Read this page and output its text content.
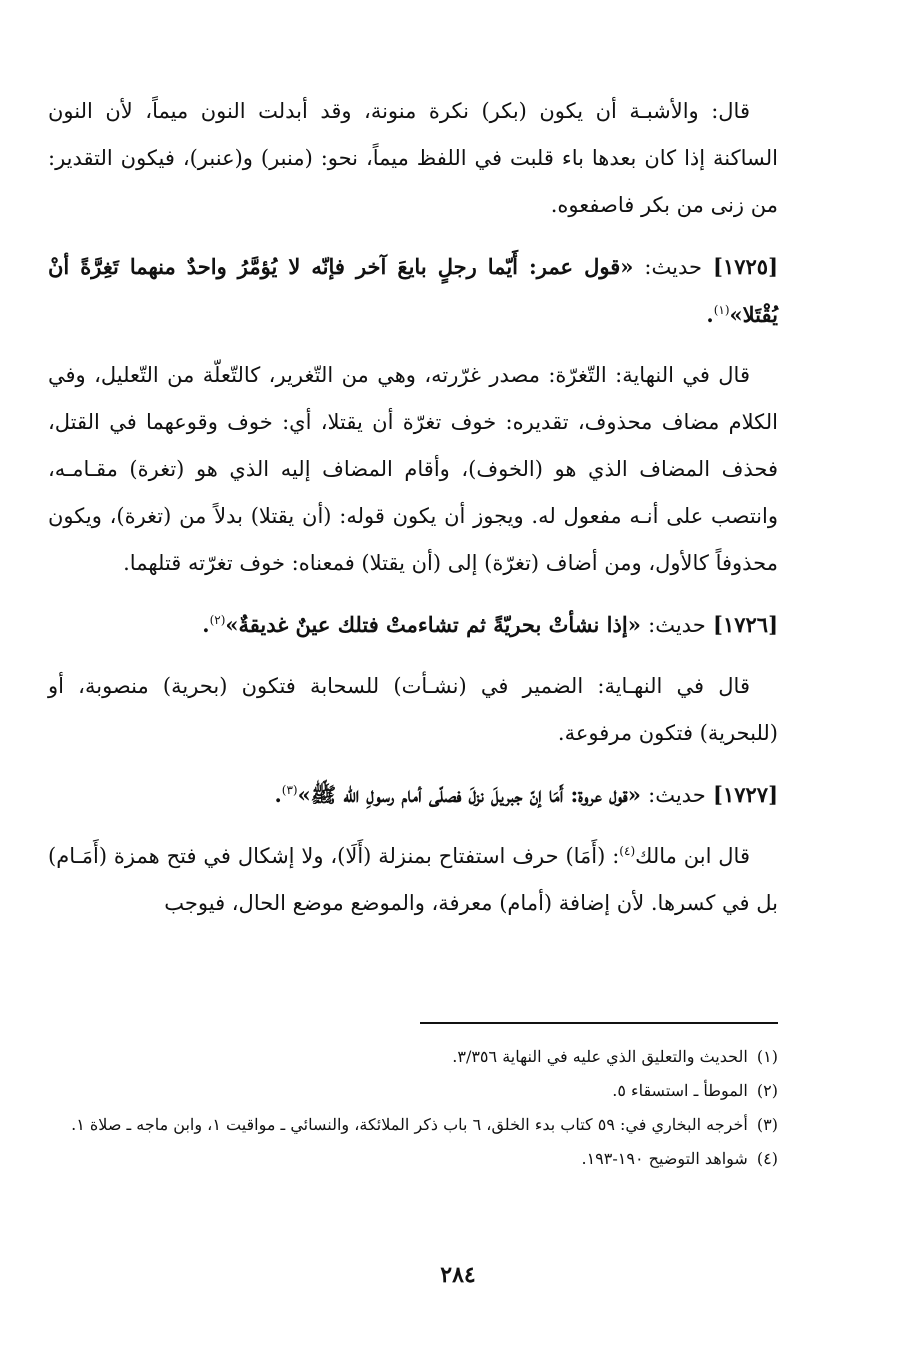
قال: والأشبـة أن يكون (بكر) نكرة منونة، وقد أبدلت النون ميماً، لأن النون الساكنة إذا كان بعدها باء قلبت في اللفظ ميماً، نحو: (منبر) و(عنبر)، فيكون التقدير: من زنى من بكر فاصفعوه.

[١٧٢٥] حديث: «قول عمر: أَيّما رجلٍ بايعَ آخر فإنّه لا يُؤمَّرُ واحدٌ منهما تَغِرَّةً أنْ يُقْتَلا»$^{(١)}$.

قال في النهاية: التّغرّة: مصدر غرّرته، وهي من التّغرير، كالتّعلّة من التّعليل، وفي الكلام مضاف محذوف، تقديره: خوف تغرّة أن يقتلا، أي: خوف وقوعهما في القتل، فحذف المضاف الذي هو (الخوف)، وأقام المضاف إليه الذي هو (تغرة) مقـامـه، وانتصب على أنـه مفعول له. ويجوز أن يكون قوله: (أن يقتلا) بدلاً من (تغرة)، ويكون محذوفاً كالأول، ومن أضاف (تغرّة) إلى (أن يقتلا) فمعناه: خوف تغرّته قتلهما.

[١٧٢٦] حديث: «إذا نشأتْ بحريّةً ثم تشاءمتْ فتلك عينٌ غديقةٌ»$^{(٢)}$.

قال في النهـاية: الضمير في (نشـأت) للسحابة فتكون (بحرية) منصوبة، أو (للبحرية) فتكون مرفوعة.

[١٧٢٧] حديث: «قول عروة: أَمَا إنّ جبريلَ نزلَ فصلّى أمام رسولِ الله ﷺ»$^{(٣)}$.

قال ابن مالك$^{(٤)}$: (أَمَا) حرف استفتاح بمنزلة (أَلَا)، ولا إشكال في فتح همزة (أَمَـام) بل في كسرها. لأن إضافة (أمام) معرفة، والموضع موضع الحال، فيوجب

(١) الحديث والتعليق الذي عليه في النهاية ٣/٣٥٦.

(٢) الموطأ ـ استسقاء ٥.

(٣) أخرجه البخاري في: ٥٩ كتاب بدء الخلق، ٦ باب ذكر الملائكة، والنسائي ـ مواقيت ١، وابن ماجه ـ صلاة ١.

(٤) شواهد التوضيح ١٩٠-١٩٣.

٢٨٤
